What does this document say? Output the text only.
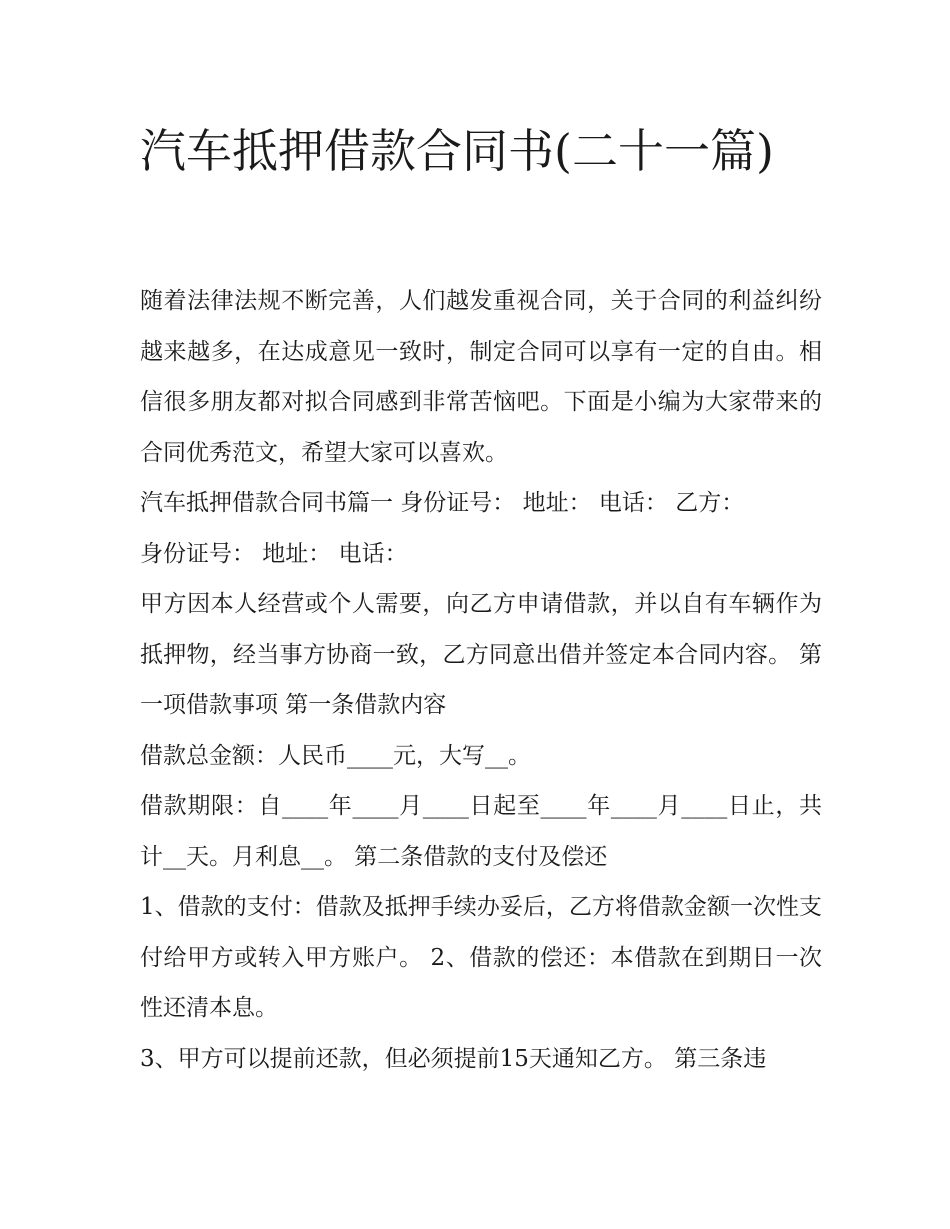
汽车抵押借款合同书(二十一篇)

随着法律法规不断完善，人们越发重视合同，关于合同的利益纠纷越来越多，在达成意见一致时，制定合同可以享有一定的自由。相信很多朋友都对拟合同感到非常苦恼吧。下面是小编为大家带来的合同优秀范文，希望大家可以喜欢。

汽车抵押借款合同书篇一 身份证号： 地址： 电话： 乙方：

身份证号： 地址： 电话：

甲方因本人经营或个人需要，向乙方申请借款，并以自有车辆作为抵押物，经当事方协商一致，乙方同意出借并签定本合同内容。 第一项借款事项 第一条借款内容

借款总金额：人民币____元，大写__。

借款期限：自____年____月____日起至____年____月____日止，共计__天。月利息__。 第二条借款的支付及偿还

1、借款的支付：借款及抵押手续办妥后，乙方将借款金额一次性支付给甲方或转入甲方账户。 2、借款的偿还：本借款在到期日一次性还清本息。

3、甲方可以提前还款，但必须提前15天通知乙方。 第三条违
